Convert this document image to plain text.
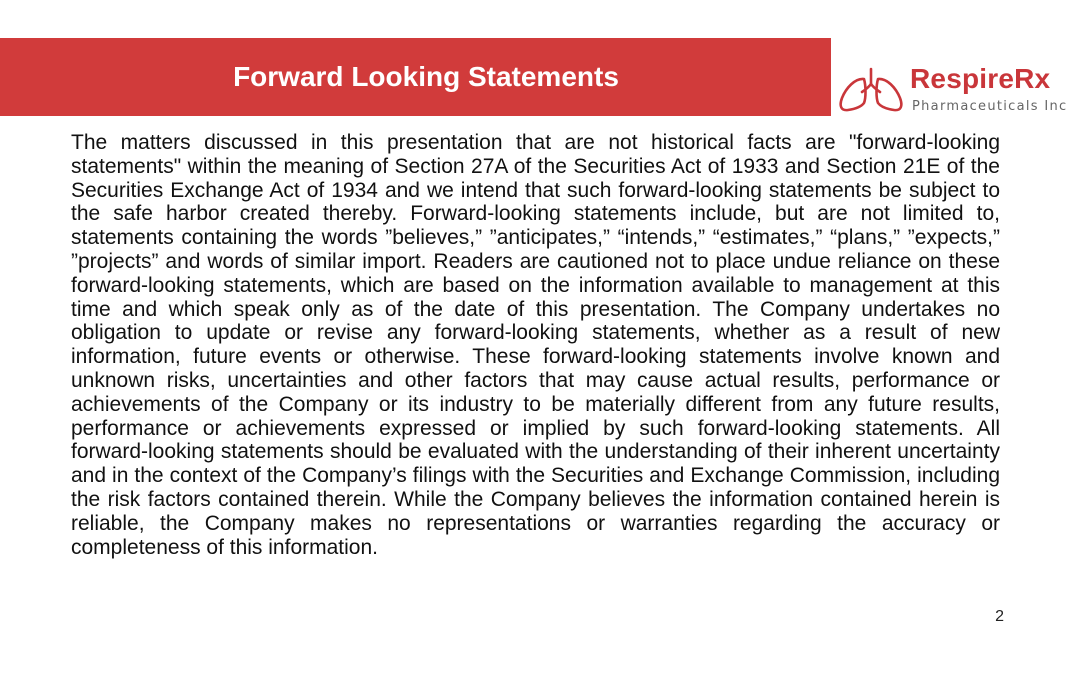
Forward Looking Statements	RespireRx
Pharmaceuticals Inc

The matters discussed in this presentation that are not historical facts are "forward-looking statements" within the meaning of Section 27A of the Securities Act of 1933 and Section 21E of the Securities Exchange Act of 1934 and we intend that such forward-looking statements be subject to the safe harbor created thereby. Forward-looking statements include, but are not limited to, statements containing the words ”believes,” ”anticipates,” “intends,” “estimates,” “plans,” ”expects,” ”projects” and words of similar import. Readers are cautioned not to place undue reliance on these forward-looking statements, which are based on the information available to management at this time and which speak only as of the date of this presentation. The Company undertakes no obligation to update or revise any forward-looking statements, whether as a result of new information, future events or otherwise. These forward-looking statements involve known and unknown risks, uncertainties and other factors that may cause actual results, performance or achievements of the Company or its industry to be materially different from any future results, performance or achievements expressed or implied by such forward-looking statements. All forward-looking statements should be evaluated with the understanding of their inherent uncertainty and in the context of the Company’s filings with the Securities and Exchange Commission, including the risk factors contained therein. While the Company believes the information contained herein is reliable, the Company makes no representations or warranties regarding the accuracy or completeness of this information.

2
